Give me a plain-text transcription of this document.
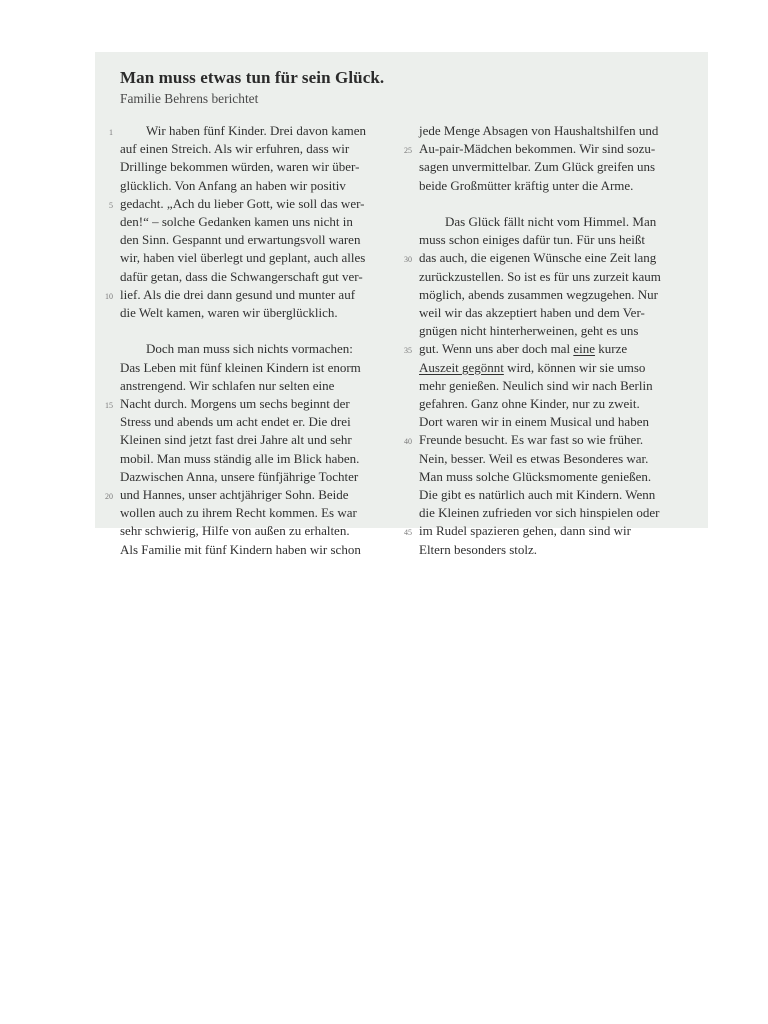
Man muss etwas tun für sein Glück.
Familie Behrens berichtet
1	Wir haben fünf Kinder. Drei davon kamen
auf einen Streich. Als wir erfuhren, dass wir
Drillinge bekommen würden, waren wir über-
glücklich. Von Anfang an haben wir positiv
5 gedacht. „Ach du lieber Gott, wie soll das wer-
den!“ – solche Gedanken kamen uns nicht in
den Sinn. Gespannt und erwartungsvoll waren
wir, haben viel überlegt und geplant, auch alles
dafür getan, dass die Schwangerschaft gut ver-
10 lief. Als die drei dann gesund und munter auf
die Welt kamen, waren wir überglücklich.
Doch man muss sich nichts vormachen:
Das Leben mit fünf kleinen Kindern ist enorm
anstrengend. Wir schlafen nur selten eine
15 Nacht durch. Morgens um sechs beginnt der
Stress und abends um acht endet er. Die drei
Kleinen sind jetzt fast drei Jahre alt und sehr
mobil. Man muss ständig alle im Blick haben.
Dazwischen Anna, unsere fünfjährige Tochter
20 und Hannes, unser achtjähriger Sohn. Beide
wollen auch zu ihrem Recht kommen. Es war
sehr schwierig, Hilfe von außen zu erhalten.
Als Familie mit fünf Kindern haben wir schon
jede Menge Absagen von Haushaltshilfen und
25 Au-pair-Mädchen bekommen. Wir sind sozu-
sagen unvermittelbar. Zum Glück greifen uns
beide Großmütter kräftig unter die Arme.
Das Glück fällt nicht vom Himmel. Man
muss schon einiges dafür tun. Für uns heißt
30 das auch, die eigenen Wünsche eine Zeit lang
zurückzustellen. So ist es für uns zurzeit kaum
möglich, abends zusammen wegzugehen. Nur
weil wir das akzeptiert haben und dem Ver-
gnügen nicht hinterherweinen, geht es uns
35 gut. Wenn uns aber doch mal eine kurze
Auszeit gegönnt wird, können wir sie umso
mehr genießen. Neulich sind wir nach Berlin
gefahren. Ganz ohne Kinder, nur zu zweit.
Dort waren wir in einem Musical und haben
40 Freunde besucht. Es war fast so wie früher.
Nein, besser. Weil es etwas Besonderes war.
Man muss solche Glücksmomente genießen.
Die gibt es natürlich auch mit Kindern. Wenn
die Kleinen zufrieden vor sich hinspielen oder
45 im Rudel spazieren gehen, dann sind wir
Eltern besonders stolz.
